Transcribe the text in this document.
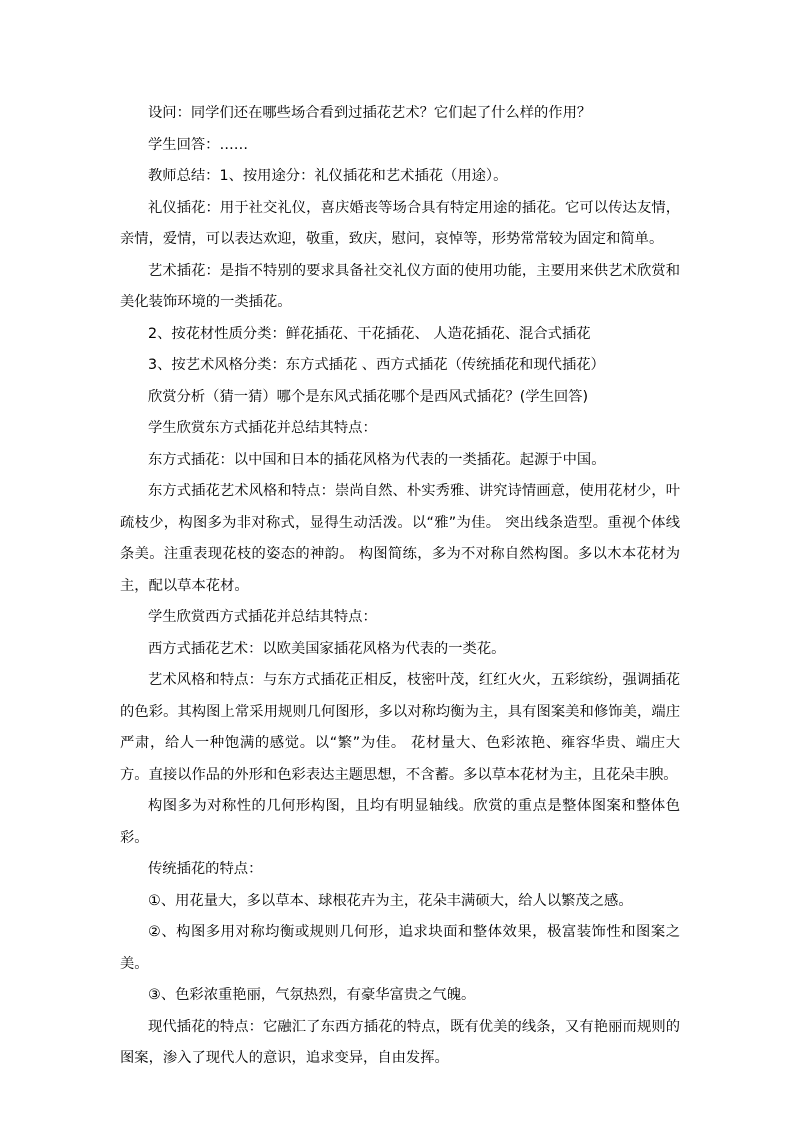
设问：同学们还在哪些场合看到过插花艺术？它们起了什么样的作用？

学生回答：……

教师总结：1、按用途分：礼仪插花和艺术插花（用途）。

礼仪插花：用于社交礼仪，喜庆婚丧等场合具有特定用途的插花。它可以传达友情，亲情，爱情，可以表达欢迎，敬重，致庆，慰问，哀悼等，形势常常较为固定和简单。

艺术插花：是指不特别的要求具备社交礼仪方面的使用功能，主要用来供艺术欣赏和美化装饰环境的一类插花。

2、按花材性质分类：鲜花插花、干花插花、 人造花插花、混合式插花

3、按艺术风格分类：东方式插花 、西方式插花（传统插花和现代插花）

欣赏分析（猜一猜）哪个是东风式插花哪个是西风式插花？(学生回答)

学生欣赏东方式插花并总结其特点：

东方式插花：以中国和日本的插花风格为代表的一类插花。起源于中国。

东方式插花艺术风格和特点：崇尚自然、朴实秀雅、讲究诗情画意，使用花材少，叶疏枝少，构图多为非对称式，显得生动活泼。以“雅”为佳。 突出线条造型。重视个体线条美。注重表现花枝的姿态的神韵。 构图简练，多为不对称自然构图。多以木本花材为主，配以草本花材。

学生欣赏西方式插花并总结其特点：

西方式插花艺术：以欧美国家插花风格为代表的一类花。

艺术风格和特点：与东方式插花正相反，枝密叶茂，红红火火，五彩缤纷，强调插花的色彩。其构图上常采用规则几何图形，多以对称均衡为主，具有图案美和修饰美，端庄严肃，给人一种饱满的感觉。以“繁”为佳。 花材量大、色彩浓艳、雍容华贵、端庄大方。直接以作品的外形和色彩表达主题思想，不含蓄。多以草本花材为主，且花朵丰腴。

构图多为对称性的几何形构图，且均有明显轴线。欣赏的重点是整体图案和整体色彩。

传统插花的特点：

①、用花量大，多以草本、球根花卉为主，花朵丰满硕大，给人以繁茂之感。

②、构图多用对称均衡或规则几何形，追求块面和整体效果，极富装饰性和图案之美。

③、色彩浓重艳丽，气氛热烈，有豪华富贵之气魄。

现代插花的特点：它融汇了东西方插花的特点，既有优美的线条，又有艳丽而规则的图案，渗入了现代人的意识，追求变异，自由发挥。
